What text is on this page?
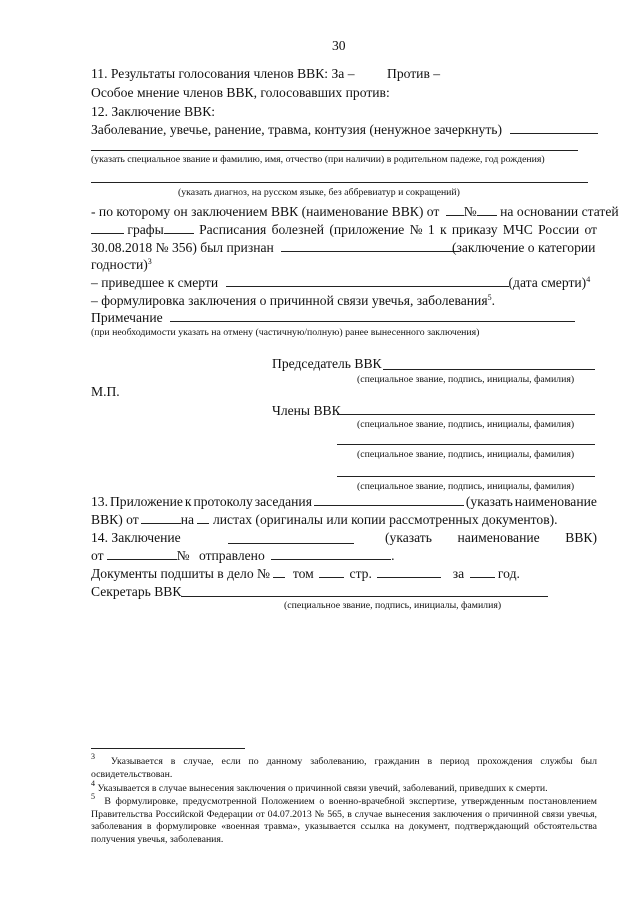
30
11. Результаты голосования членов ВВК: За – Против –
Особое мнение членов ВВК, голосовавших против:
12. Заключение ВВК:
Заболевание, увечье, ранение, травма, контузия (ненужное зачеркнуть)
(указать специальное звание и фамилию, имя, отчество (при наличии) в родительном падеже, год рождения)
(указать диагноз, на русском языке, без аббревиатур и сокращений)
- по которому он заключением ВВК (наименование ВВК) от № на основании статей
графы	Расписания болезней (приложение № 1 к приказу МЧС России от
30.08.2018 № 356) был признан	(заключение о категории
годности)$^3$
– приведшее к смерти	(дата смерти)$^4$
– формулировка заключения о причинной связи увечья, заболевания$^5$.
Примечание
(при необходимости указать на отмену (частичную/полную) ранее вынесенного заключения)
Председатель ВВК
(специальное звание, подпись, инициалы, фамилия)
М.П.
Члены ВВК
(специальное звание, подпись, инициалы, фамилия)
(специальное звание, подпись, инициалы, фамилия)
(специальное звание, подпись, инициалы, фамилия)
13. Приложение к протоколу заседания	(указать наименование
ВВК) от	на листах (оригиналы или копии рассмотренных документов).
14. Заключение	(указать наименование ВВК)
от	№ отправлено	.
Документы подшиты в дело № том	стр.	за год.
Секретарь ВВК
(специальное звание, подпись, инициалы, фамилия)
$^3$ Указывается в случае, если по данному заболеванию, гражданин в период прохождения службы был освидетельствован.
$^4$ Указывается в случае вынесения заключения о причинной связи увечий, заболеваний, приведших к смерти.
$^5$ В формулировке, предусмотренной Положением о военно-врачебной экспертизе, утвержденным постановлением Правительства Российской Федерации от 04.07.2013 № 565, в случае вынесения заключения о причинной связи увечья, заболевания в формулировке «военная травма», указывается ссылка на документ, подтверждающий обстоятельства получения увечья, заболевания.
